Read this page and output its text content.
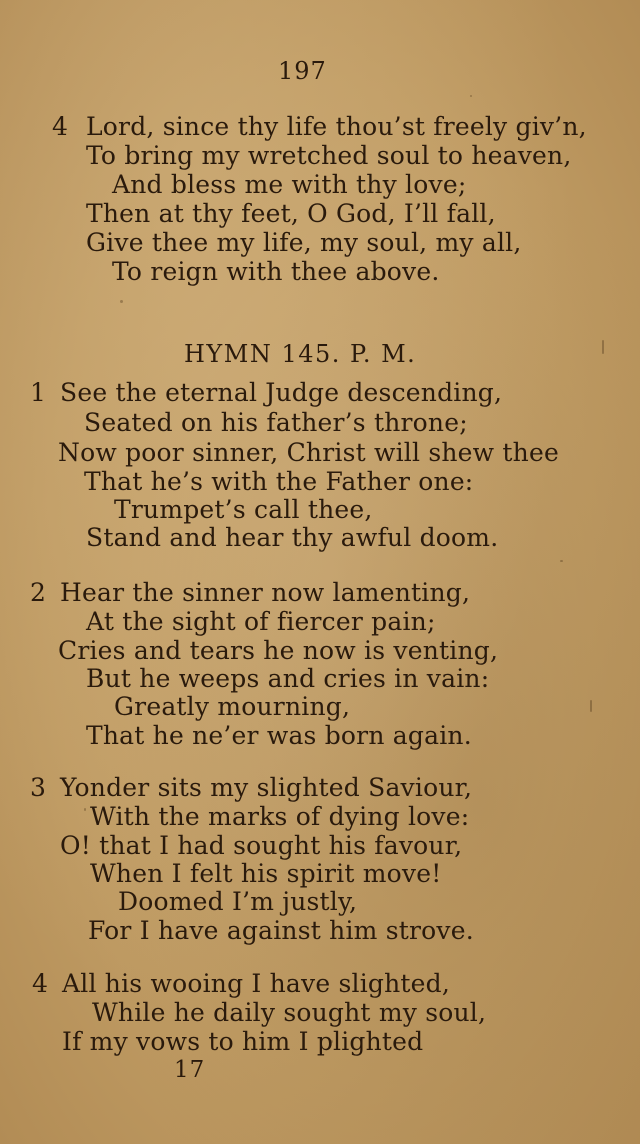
197
4 Lord, since thy life thou’st freely giv’n,
To bring my wretched soul to heaven,
And bless me with thy love;
Then at thy feet, O God, I’ll fall,
Give thee my life, my soul, my all,
To reign with thee above.
HYMN 145. P. M.
1 See the eternal Judge descending,
Seated on his father’s throne;
Now poor sinner, Christ will shew thee
That he’s with the Father one:
Trumpet’s call thee,
Stand and hear thy awful doom.
2 Hear the sinner now lamenting,
At the sight of fiercer pain;
Cries and tears he now is venting,
But he weeps and cries in vain:
Greatly mourning,
That he ne’er was born again.
3 Yonder sits my slighted Saviour,
With the marks of dying love:
O! that I had sought his favour,
When I felt his spirit move!
Doomed I’m justly,
For I have against him strove.
4 All his wooing I have slighted,
While he daily sought my soul,
If my vows to him I plighted
17
